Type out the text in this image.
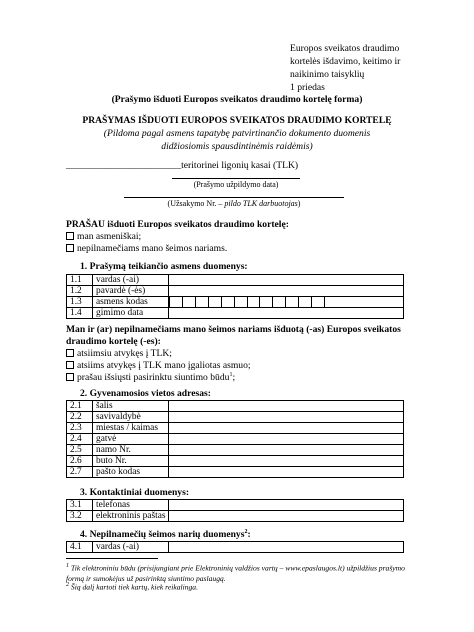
Europos sveikatos draudimo
kortelės išdavimo, keitimo ir
naikinimo taisyklių
1 priedas
(Prašymo išduoti Europos sveikatos draudimo kortelę forma)
PRAŠYMAS IŠDUOTI EUROPOS SVEIKATOS DRAUDIMO KORTELĘ
(Pildoma pagal asmens tapatybę patvirtinančio dokumento duomenis
didžiosiomis spausdintinėmis raidėmis)
________________________teritorinei ligonių kasai (TLK)
(Prašymo užpildymo data)
(Užsakymo Nr. – pildo TLK darbuotojas)
PRAŠAU išduoti Europos sveikatos draudimo kortelę:
man asmeniškai;
nepilnamečiams mano šeimos nariams.
1. Prašymą teikiančio asmens duomenys:
1.1	vardas (-ai)	
1.2	pavardė (-ės)	
1.3	asmens kodas	

1.4	gimimo data	
Man ir (ar) nepilnamečiams mano šeimos nariams išduotą (-as) Europos sveikatos
draudimo kortelę (-es):
atsiimsiu atvykęs į TLK;
atsiims atvykęs į TLK mano įgaliotas asmuo;
prašau išsiųsti pasirinktu siuntimo būdu$^1$;
2. Gyvenamosios vietos adresas:
2.1	šalis	
2.2	savivaldybė	
2.3	miestas / kaimas	
2.4	gatvė	
2.5	namo Nr.	
2.6	buto Nr.	
2.7	pašto kodas	
3. Kontaktiniai duomenys:
3.1	telefonas	
3.2	elektroninis paštas	
4. Nepilnamečių šeimos narių duomenys$^2$:
4.1	vardas (-ai)	
$^1$ Tik elektroniniu būdu (prisijungiant prie Elektroninių valdžios vartų – www.epaslaugos.lt) užpildžius prašymo
formą ir sumokėjus už pasirinktą siuntimo paslaugą.
$^2$ Šią dalį kartoti tiek kartų, kiek reikalinga.
